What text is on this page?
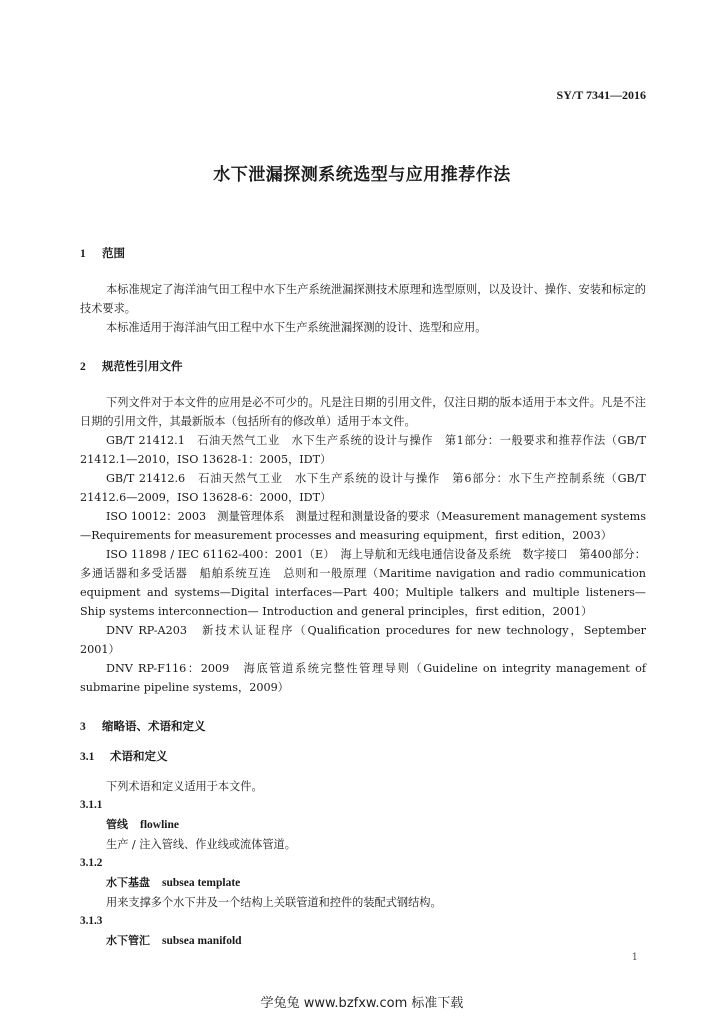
SY/T 7341—2016
水下泄漏探测系统选型与应用推荐作法

1 范围

本标准规定了海洋油气田工程中水下生产系统泄漏探测技术原理和选型原则，以及设计、操作、安装和标定的技术要求。

本标准适用于海洋油气田工程中水下生产系统泄漏探测的设计、选型和应用。

2 规范性引用文件

下列文件对于本文件的应用是必不可少的。凡是注日期的引用文件，仅注日期的版本适用于本文件。凡是不注日期的引用文件，其最新版本（包括所有的修改单）适用于本文件。

GB/T 21412.1　石油天然气工业　水下生产系统的设计与操作　第1部分：一般要求和推荐作法（GB/T 21412.1—2010，ISO 13628-1：2005，IDT）

GB/T 21412.6　石油天然气工业　水下生产系统的设计与操作　第6部分：水下生产控制系统（GB/T 21412.6—2009，ISO 13628-6：2000，IDT）

ISO 10012：2003　测量管理体系　测量过程和测量设备的要求（Measurement management systems —Requirements for measurement processes and measuring equipment，first edition，2003）

ISO 11898 / IEC 61162-400：2001（E）　海上导航和无线电通信设备及系统　数字接口　第400部分：多通话器和多受话器　船舶系统互连　总则和一般原理（Maritime navigation and radio communication equipment and systems—Digital interfaces—Part 400；Multiple talkers and multiple listeners— Ship systems interconnection— Introduction and general principles，first edition，2001）

DNV RP-A203　新技术认证程序（Qualification procedures for new technology，September 2001）

DNV RP-F116：2009　海底管道系统完整性管理导则（Guideline on integrity management of submarine pipeline systems，2009）

3 缩略语、术语和定义

3.1 术语和定义

下列术语和定义适用于本文件。

3.1.1

管线 flowline

生产 / 注入管线、作业线或流体管道。

3.1.2

水下基盘 subsea template

用来支撑多个水下井及一个结构上关联管道和控件的装配式钢结构。

3.1.3

水下管汇 subsea manifold

1
学兔兔 www.bzfxw.com 标准下载
